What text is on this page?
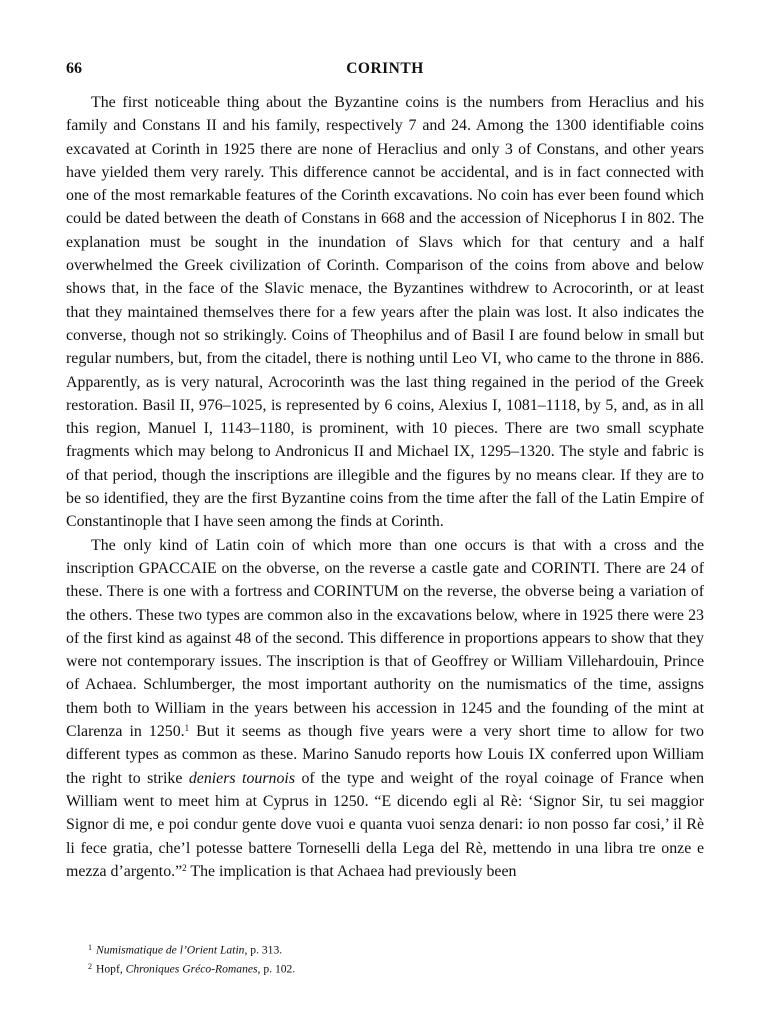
66	CORINTH

The first noticeable thing about the Byzantine coins is the numbers from Heraclius and his family and Constans II and his family, respectively 7 and 24. Among the 1300 identifiable coins excavated at Corinth in 1925 there are none of Heraclius and only 3 of Constans, and other years have yielded them very rarely. This difference cannot be accidental, and is in fact connected with one of the most remarkable features of the Corinth excavations. No coin has ever been found which could be dated between the death of Constans in 668 and the accession of Nicephorus I in 802. The explanation must be sought in the inundation of Slavs which for that century and a half overwhelmed the Greek civilization of Corinth. Comparison of the coins from above and below shows that, in the face of the Slavic menace, the Byzantines withdrew to Acrocorinth, or at least that they maintained themselves there for a few years after the plain was lost. It also indicates the converse, though not so strikingly. Coins of Theophilus and of Basil I are found below in small but regular numbers, but, from the citadel, there is nothing until Leo VI, who came to the throne in 886. Apparently, as is very natural, Acrocorinth was the last thing regained in the period of the Greek restoration. Basil II, 976–1025, is represented by 6 coins, Alexius I, 1081–1118, by 5, and, as in all this region, Manuel I, 1143–1180, is prominent, with 10 pieces. There are two small scyphate fragments which may belong to Andronicus II and Michael IX, 1295–1320. The style and fabric is of that period, though the inscriptions are illegible and the figures by no means clear. If they are to be so identified, they are the first Byzantine coins from the time after the fall of the Latin Empire of Constantinople that I have seen among the finds at Corinth.

The only kind of Latin coin of which more than one occurs is that with a cross and the inscription GPACCAIE on the obverse, on the reverse a castle gate and CORINTI. There are 24 of these. There is one with a fortress and CORINTUM on the reverse, the obverse being a variation of the others. These two types are common also in the excavations below, where in 1925 there were 23 of the first kind as against 48 of the second. This difference in proportions appears to show that they were not contemporary issues. The inscription is that of Geoffrey or William Villehardouin, Prince of Achaea. Schlumberger, the most important authority on the numismatics of the time, assigns them both to William in the years between his accession in 1245 and the founding of the mint at Clarenza in 1250.$^1$ But it seems as though five years were a very short time to allow for two different types as common as these. Marino Sanudo reports how Louis IX conferred upon William the right to strike deniers tournois of the type and weight of the royal coinage of France when William went to meet him at Cyprus in 1250. “E dicendo egli al Rè: ‘Signor Sir, tu sei maggior Signor di me, e poi condur gente dove vuoi e quanta vuoi senza denari: io non posso far cosi,’ il Rè li fece gratia, che’l potesse battere Torneselli della Lega del Rè, mettendo in una libra tre onze e mezza d’argento.”$^2$ The implication is that Achaea had previously been

$^1$ Numismatique de l’Orient Latin, p. 313.
$^2$ Hopf, Chroniques Gréco-Romanes, p. 102.
